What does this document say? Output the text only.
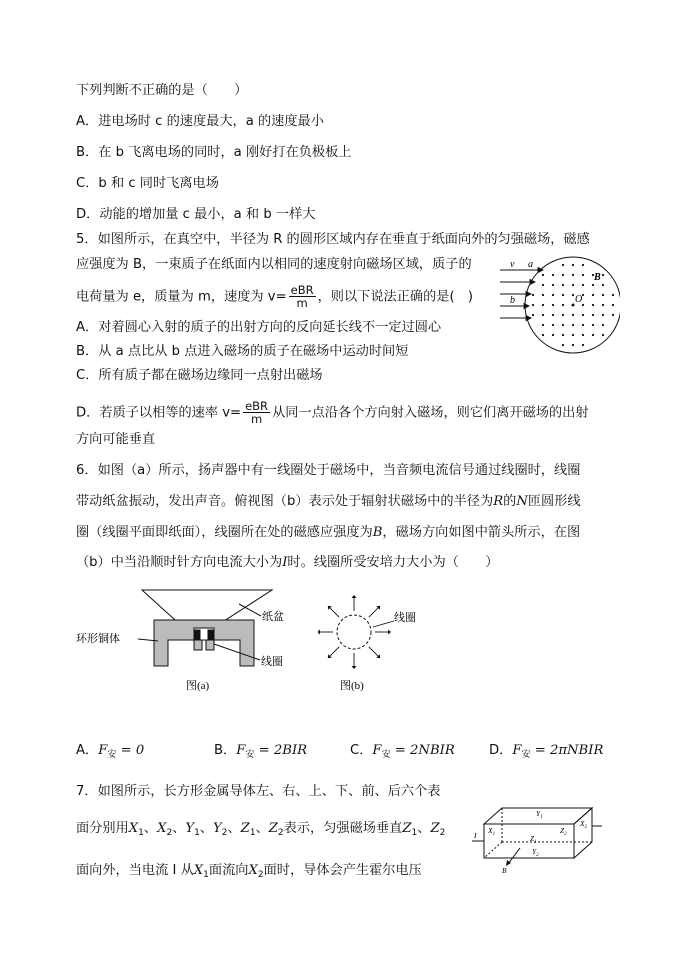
下列判断不正确的是（　　）
A．进电场时 c 的速度最大，a 的速度最小
B．在 b 飞离电场的同时，a 刚好打在负极板上
C．b 和 c 同时飞离电场
D．动能的增加量 c 最小，a 和 b 一样大
5．如图所示，在真空中，半径为 R 的圆形区域内存在垂直于纸面向外的匀强磁场，磁感
应强度为 B，一束质子在纸面内以相同的速度射向磁场区域，质子的
电荷量为 e，质量为 m，速度为 $v= \frac{\text{eBR}}{m}$ ，则以下说法正确的是(　)
A．对着圆心入射的质子的出射方向的反向延长线不一定过圆心
B．从 a 点比从 b 点进入磁场的质子在磁场中运动时间短
C．所有质子都在磁场边缘同一点射出磁场
D．若质子以相等的速率 $v= \frac{\text{eBR}}{m}$ 从同一点沿各个方向射入磁场，则它们离开磁场的出射
方向可能垂直
6．如图（a）所示，扬声器中有一线圈处于磁场中，当音频电流信号通过线圈时，线圈
带动纸盆振动，发出声音。俯视图（b）表示处于辐射状磁场中的半径为R的N匝圆形线
圈（线圈平面即纸面），线圈所在处的磁感应强度为B，磁场方向如图中箭头所示，在图
（b）中当沿顺时针方向电流大小为I时。线圈所受安培力大小为（　　）
A．$F_安 = 0$	B．$F_安 = 2BIR$	C．$F_安$ = 2NBIR	D．$F_安$ = 2πNBIR
7．如图所示，长方形金属导体左、右、上、下、前、后六个表
面分别用$X_1$、$X_2$、$Y_1$、$Y_2$、$Z_1$、$Z_2$表示，匀强磁场垂直$Z_1$、$Z_2$
面向外，当电流 I 从$X_1$面流向$X_2$面时，导体会产生霍尔电压
v a
b
B
O
纸盆
环形铜体
线圈
图(a)
线圈
图(b)
$Y_1$
$X_1$	$Z_2$
$Z_1$
$X_2$
$Y_2$
I
B
